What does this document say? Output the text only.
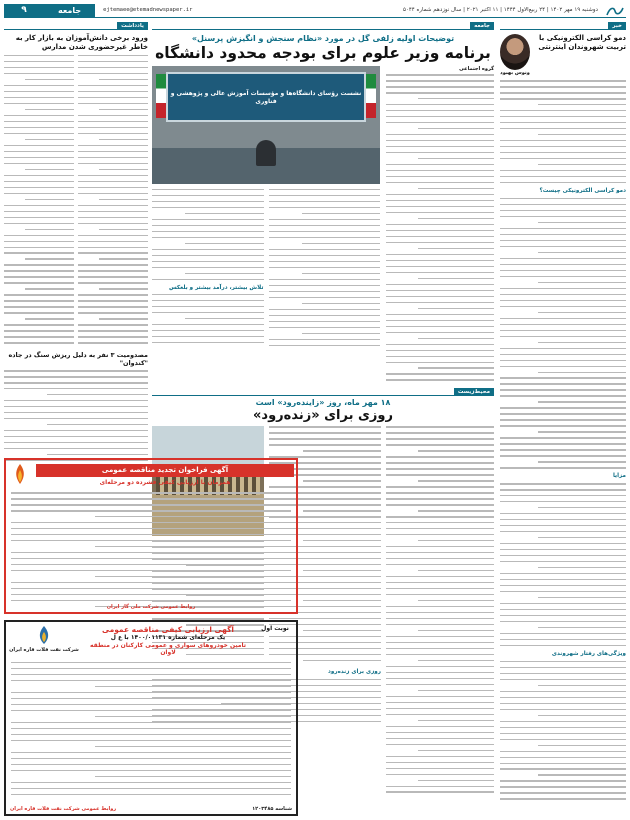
دوشنبه ۱۹ مهر ۱۴۰۲ | ۲۴ ربیع‌الاول ۱۴۴۴ | ۱۱ اکتبر ۲۰۲۱ | سال نوزدهم شماره ۵۰۴۴
ejtemaee@etemadnewspaper.ir
جامعه
۹
خبر
دمو کراسی الکترونیکی با تربیت شهروندان اینترنتی
ونوس بهبود
دمو کراسی الکترونیکی چیست؟
مزایا
ویژگی‌های رفتار شهروندی
جامعه
توضیحات اولیه زلفی گل در مورد «نظام سنجش و انگیزش پرسنل»
برنامه وزیر علوم برای بودجه محدود دانشگاه
گروه اجتماعی
نشست رؤسای دانشگاه‌ها و مؤسسات آموزش عالی و پژوهشی و فناوری
تلاش بیشتر، درآمد بیشتر و بلعکس
محیط‌زیست
۱۸ مهر ماه، روز «زاینده‌رود» است
روزی برای «زنده‌رود»
روزی برای زنده‌رود
یادداشت
ورود برخی دانش‌آموزان به بازار کار به خاطر غیرحضوری شدن مدارس
مصدومیت ۳ نفر به دلیل ریزش سنگ در جاده "کندوان"
آگهی فراخوان تجدید مناقصه عمومی
همزمان با ارزیابی کیفی فشرده دو مرحله‌ای
روابط عمومی شرکت ملی گاز ایران
نوبت اول
آگهی ارزیابی کیفی مناقصه عمومی
یک مرحله‌ای شماره ۱۴۰۰/۰۱۱۳۱ با ع ل
تامین خودروهای سواری و عمومی کارکنان در منطقه لاوان
شرکت نفت فلات قاره ایران
شناسه ۱۲۰۳۴۸۵
روابط عمومی شرکت نفت فلات قاره ایران
